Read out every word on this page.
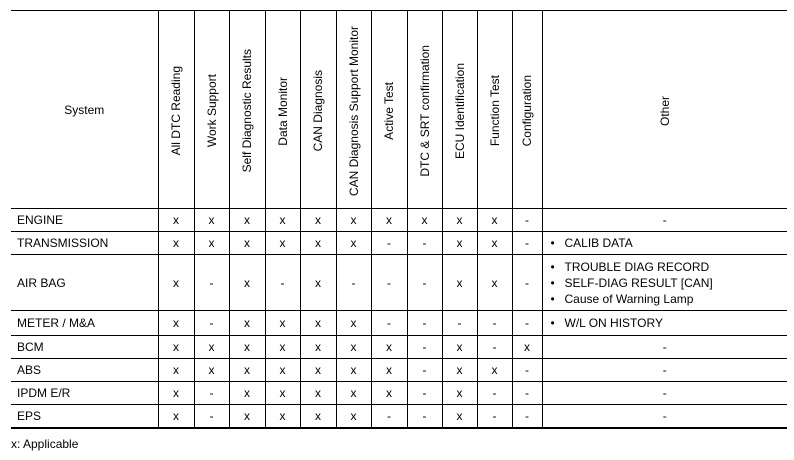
System	All DTC Reading	Work Support	Self Diagnostic Results	Data Monitor	CAN Diagnosis	CAN Diagnosis Support Monitor	Active Test	DTC & SRT confirmation	ECU Identification	Function Test	Configuration	Other
ENGINE	x	x	x	x	x	x	x	x	x	x	-	-
TRANSMISSION	x	x	x	x	x	x	-	-	x	x	-	• CALIB DATA

AIR BAG	x	-	x	-	x	-	-	-	x	x	-	• TROUBLE DIAG RECORD
• SELF-DIAG RESULT [CAN]
• Cause of Warning Lamp

METER / M&A	x	-	x	x	x	x	-	-	-	-	-	• W/L ON HISTORY

BCM	x	x	x	x	x	x	x	-	x	-	x	-
ABS	x	x	x	x	x	x	x	-	x	x	-	-
IPDM E/R	x	-	x	x	x	x	x	-	x	-	-	-
EPS	x	-	x	x	x	x	-	-	x	-	-	-
x: Applicable
